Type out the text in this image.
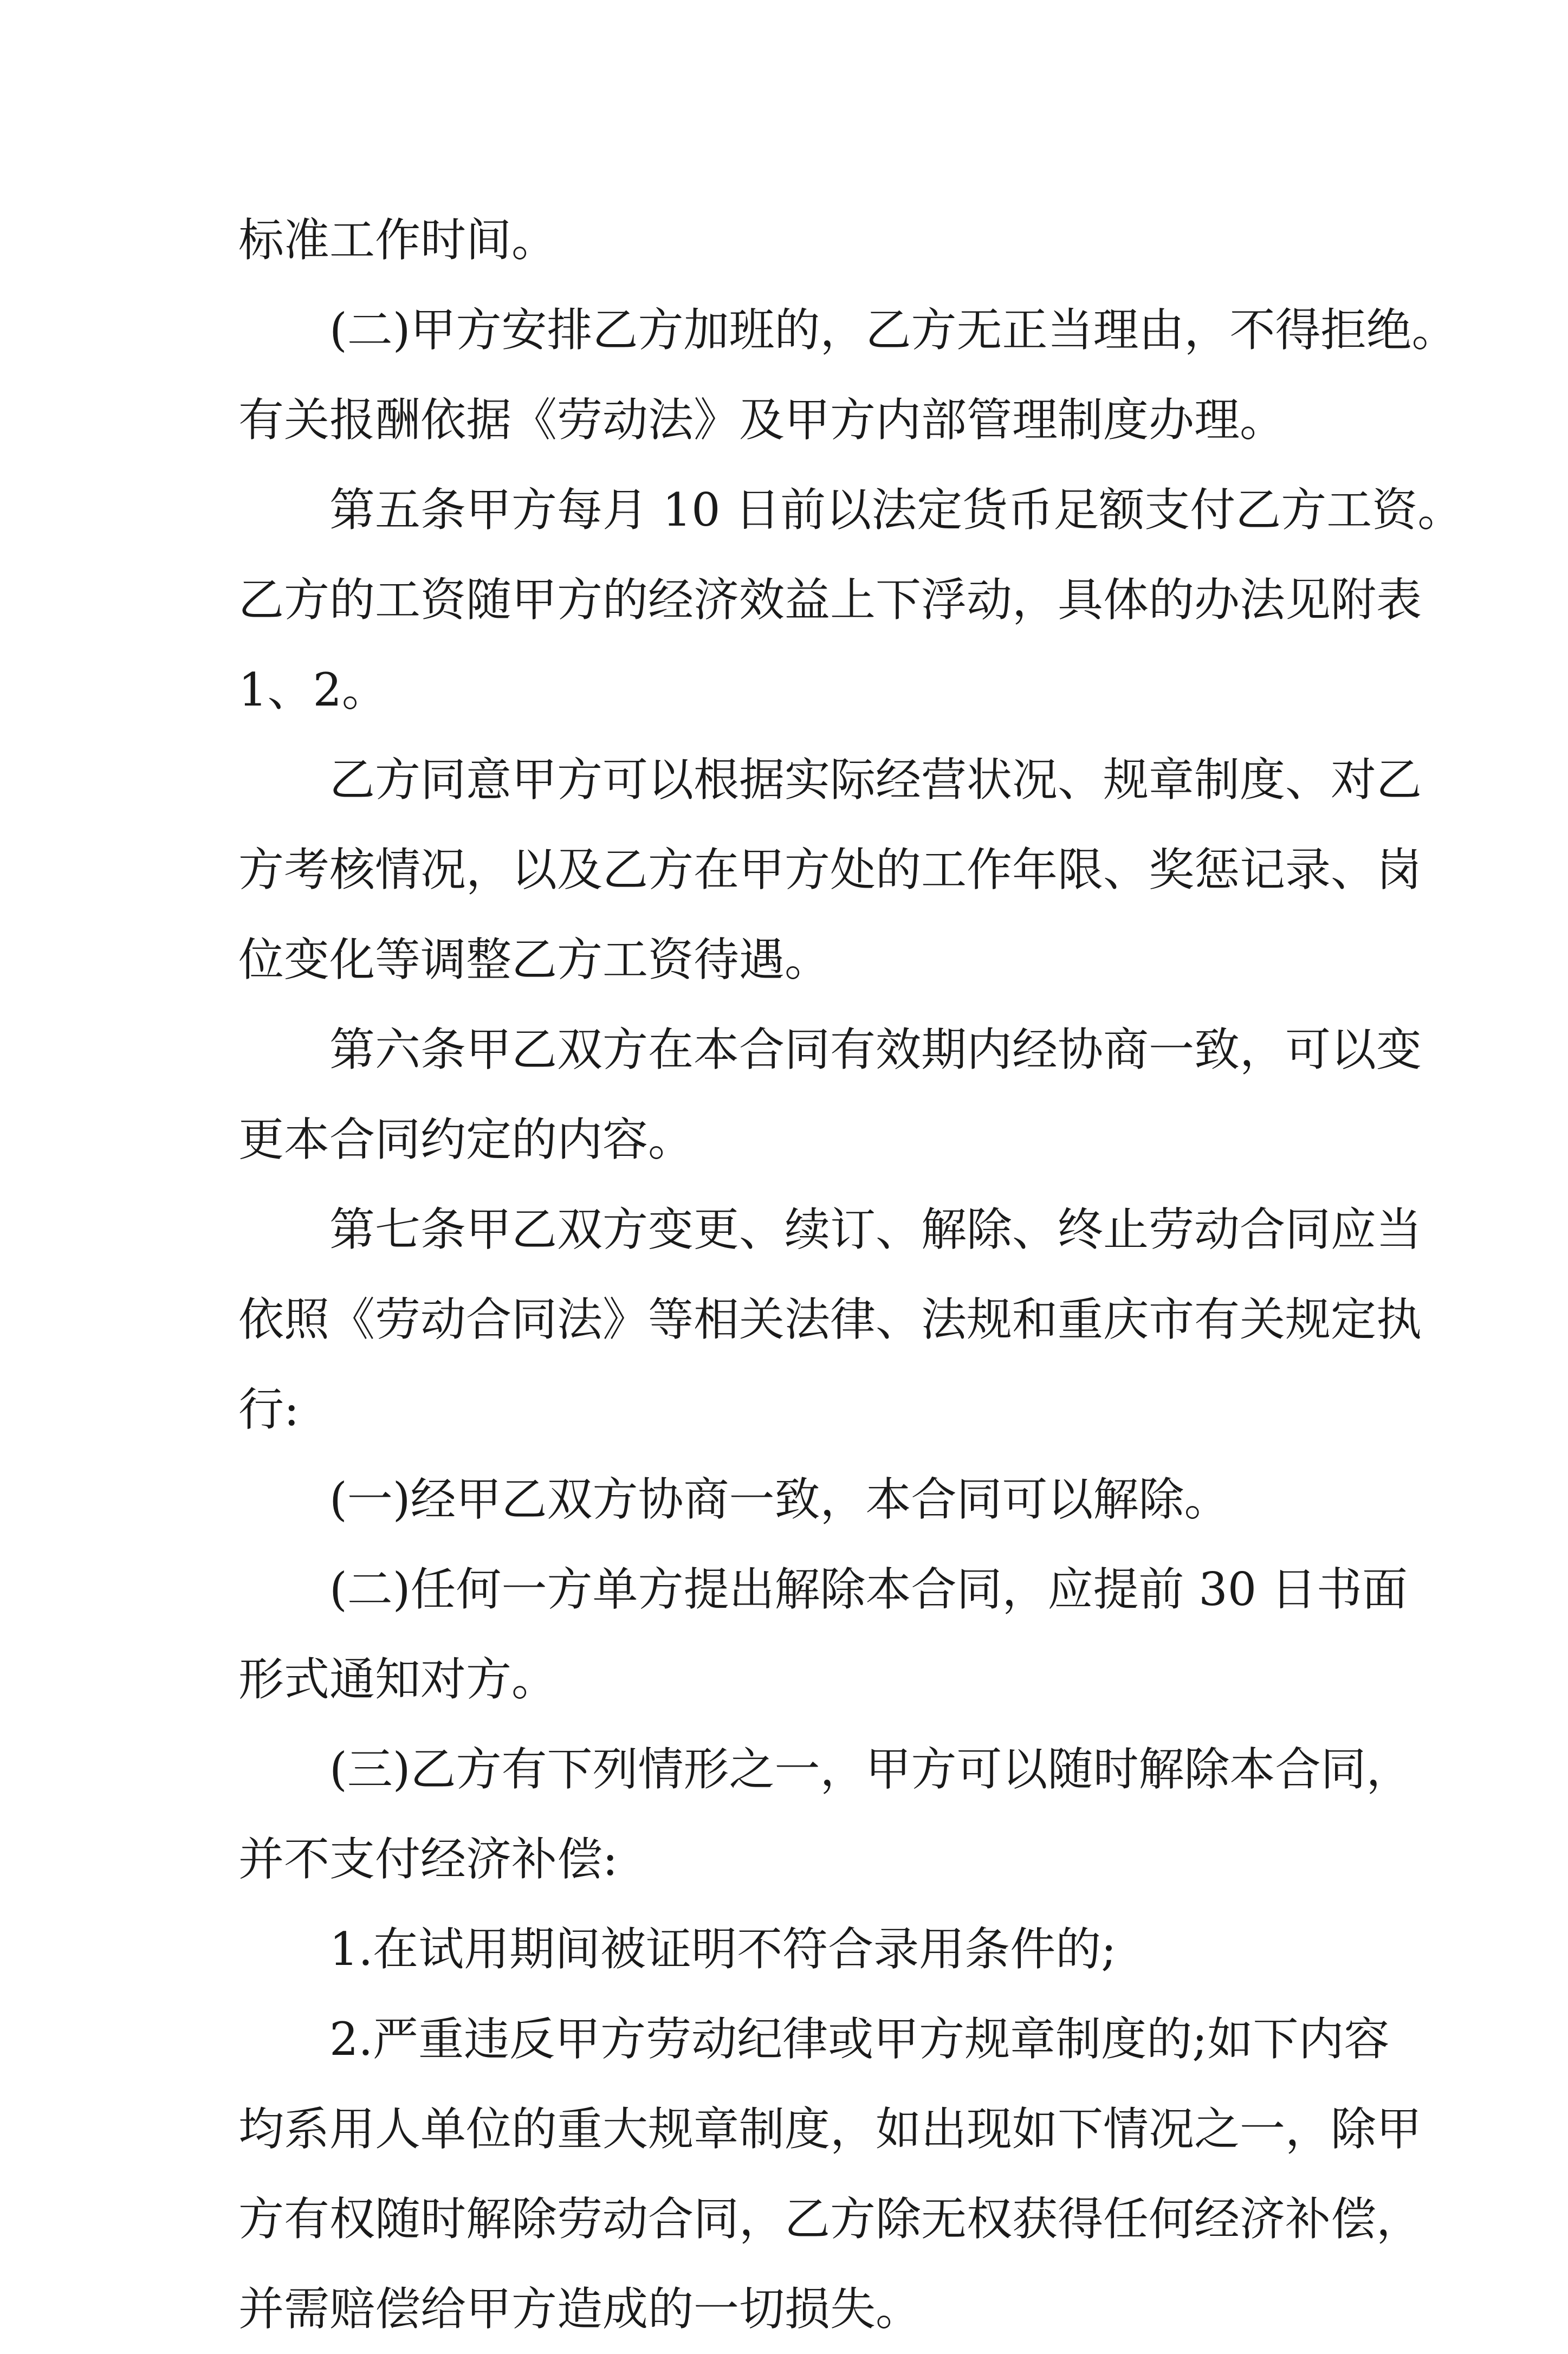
标准工作时间。
(二)甲方安排乙方加班的，乙方无正当理由，不得拒绝。
有关报酬依据《劳动法》及甲方内部管理制度办理。
第五条甲方每月 10 日前以法定货币足额支付乙方工资。
乙方的工资随甲方的经济效益上下浮动，具体的办法见附表
1、2。
乙方同意甲方可以根据实际经营状况、规章制度、对乙
方考核情况，以及乙方在甲方处的工作年限、奖惩记录、岗
位变化等调整乙方工资待遇。
第六条甲乙双方在本合同有效期内经协商一致，可以变
更本合同约定的内容。
第七条甲乙双方变更、续订、解除、终止劳动合同应当
依照《劳动合同法》等相关法律、法规和重庆市有关规定执
行:
(一)经甲乙双方协商一致，本合同可以解除。
(二)任何一方单方提出解除本合同，应提前 30 日书面
形式通知对方。
(三)乙方有下列情形之一，甲方可以随时解除本合同，
并不支付经济补偿:
1.在试用期间被证明不符合录用条件的;
2.严重违反甲方劳动纪律或甲方规章制度的;如下内容
均系用人单位的重大规章制度，如出现如下情况之一，除甲
方有权随时解除劳动合同，乙方除无权获得任何经济补偿，
并需赔偿给甲方造成的一切损失。
